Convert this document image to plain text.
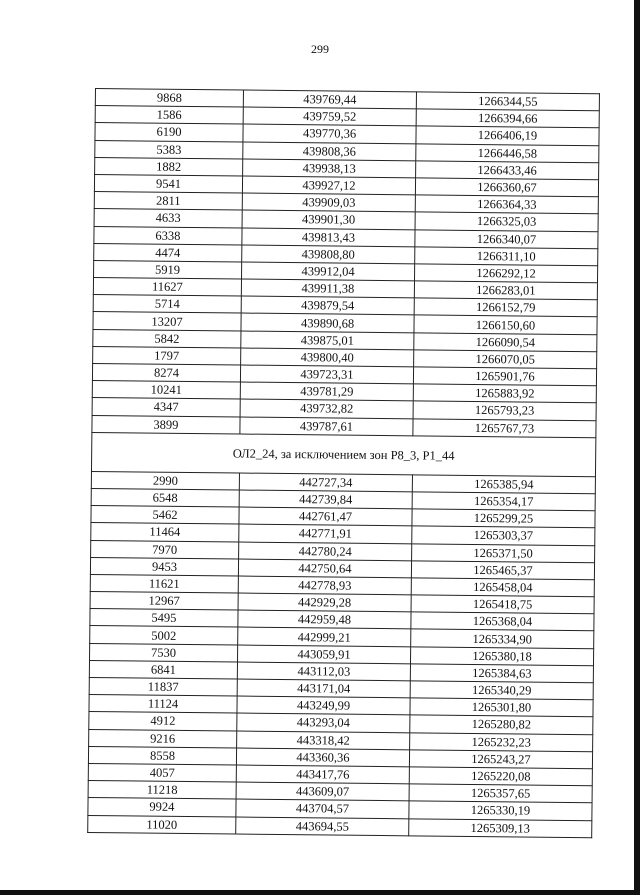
299
9868	439769,44	1266344,55
1586	439759,52	1266394,66
6190	439770,36	1266406,19
5383	439808,36	1266446,58
1882	439938,13	1266433,46
9541	439927,12	1266360,67
2811	439909,03	1266364,33
4633	439901,30	1266325,03
6338	439813,43	1266340,07
4474	439808,80	1266311,10
5919	439912,04	1266292,12
11627	439911,38	1266283,01
5714	439879,54	1266152,79
13207	439890,68	1266150,60
5842	439875,01	1266090,54
1797	439800,40	1266070,05
8274	439723,31	1265901,76
10241	439781,29	1265883,92
4347	439732,82	1265793,23
3899	439787,61	1265767,73
ОЛ2_24, за исключением зон Р8_3, Р1_44		
2990	442727,34	1265385,94
6548	442739,84	1265354,17
5462	442761,47	1265299,25
11464	442771,91	1265303,37
7970	442780,24	1265371,50
9453	442750,64	1265465,37
11621	442778,93	1265458,04
12967	442929,28	1265418,75
5495	442959,48	1265368,04
5002	442999,21	1265334,90
7530	443059,91	1265380,18
6841	443112,03	1265384,63
11837	443171,04	1265340,29
11124	443249,99	1265301,80
4912	443293,04	1265280,82
9216	443318,42	1265232,23
8558	443360,36	1265243,27
4057	443417,76	1265220,08
11218	443609,07	1265357,65
9924	443704,57	1265330,19
11020	443694,55	1265309,13
